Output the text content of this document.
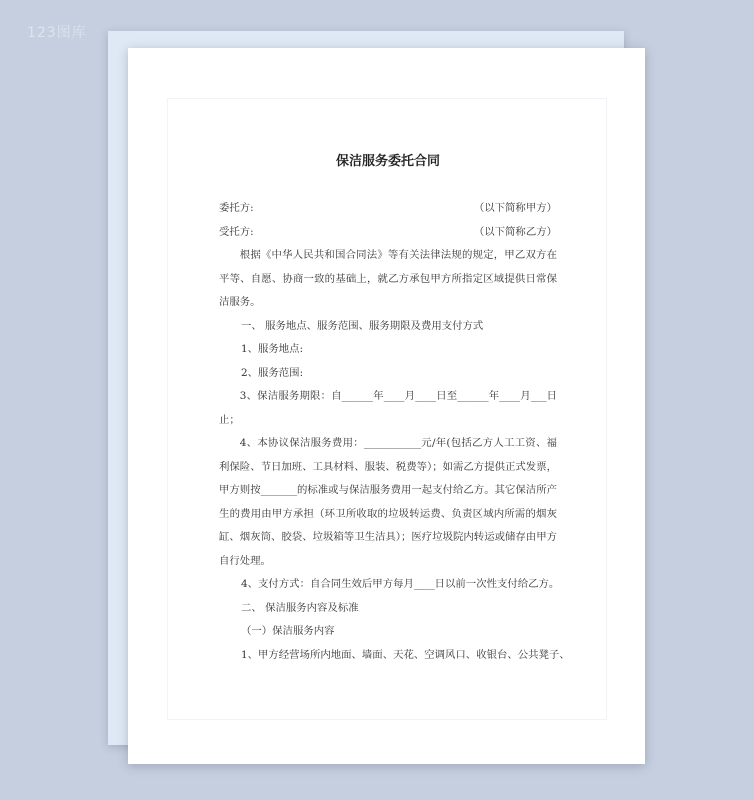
123图库
保洁服务委托合同
委托方:	（以下简称甲方）
受托方:	（以下简称乙方）

根据《中华人民共和国合同法》等有关法律法规的规定，甲乙双方在平等、自愿、协商一致的基础上，就乙方承包甲方所指定区域提供日常保洁服务。

一、 服务地点、服务范围、服务期限及费用支付方式

1、服务地点:

2、服务范围:

3、保洁服务期限：自______年____月____日至______年____月___日止；

4、本协议保洁服务费用：___________元/年(包括乙方人工工资、福利保险、节日加班、工具材料、服装、税费等）；如需乙方提供正式发票，甲方则按_______的标准或与保洁服务费用一起支付给乙方。其它保洁所产生的费用由甲方承担（环卫所收取的垃圾转运费、负责区域内所需的烟灰缸、烟灰筒、胶袋、垃圾箱等卫生洁具）；医疗垃圾院内转运或储存由甲方自行处理。

4、支付方式：自合同生效后甲方每月____日以前一次性支付给乙方。

二、 保洁服务内容及标准

（一）保洁服务内容

1、甲方经营场所内地面、墙面、天花、空调风口、收银台、公共凳子、
